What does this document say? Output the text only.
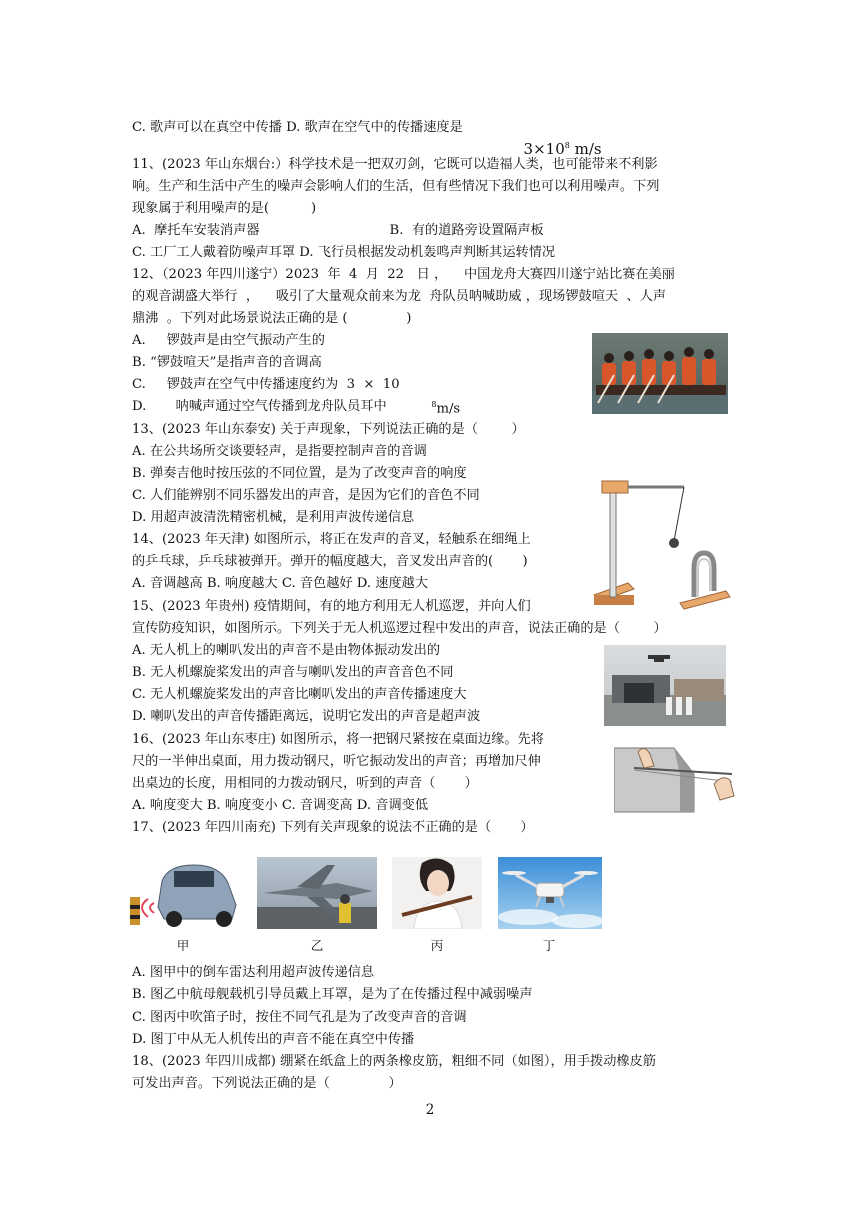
C. 歌声可以在真空中传播 D. 歌声在空气中的传播速度是
11、(2023 年山东烟台:）科学技术是一把双刃剑，它既可以造福人类，也可能带来不利影
响。生产和生活中产生的噪声会影响人们的生活，但有些情况下我们也可以利用噪声。下列
现象属于利用噪声的是(          )
A.  摩托车安装消声器                               B.  有的道路旁设置隔声板
C. 工厂工人戴着防噪声耳罩 D. 飞行员根据发动机轰鸣声判断其运转情况
12、（2023 年四川遂宁）2023  年  4  月  22   日 ，    中国龙舟大赛四川遂宁站比赛在美丽
的观音湖盛大举行  ，    吸引了大量观众前来为龙  舟队员呐喊助威 ，现场锣鼓喧天  、人声
鼎沸  。下列对此场景说法正确的是 (              )
A.     锣鼓声是由空气振动产生的
B. “锣鼓喧天”是指声音的音调高
C.     锣鼓声在空气中传播速度约为  3  ×  10
D.       呐喊声通过空气传播到龙舟队员耳中
13、(2023 年山东泰安) 关于声现象，下列说法正确的是（        ）
A. 在公共场所交谈要轻声，是指要控制声音的音调
B. 弹奏吉他时按压弦的不同位置，是为了改变声音的响度
C. 人们能辨别不同乐器发出的声音，是因为它们的音色不同
D. 用超声波清洗精密机械，是利用声波传递信息
14、(2023 年天津) 如图所示，将正在发声的音叉，轻触系在细绳上
的乒乓球，乒乓球被弹开。弹开的幅度越大，音叉发出声音的(       )
A. 音调越高 B. 响度越大 C. 音色越好 D. 速度越大
15、(2023 年贵州) 疫情期间，有的地方利用无人机巡逻，并向人们
宣传防疫知识，如图所示。下列关于无人机巡逻过程中发出的声音，说法正确的是（        ）
A. 无人机上的喇叭发出的声音不是由物体振动发出的
B. 无人机螺旋桨发出的声音与喇叭发出的声音音色不同
C. 无人机螺旋桨发出的声音比喇叭发出的声音传播速度大
D. 喇叭发出的声音传播距离远，说明它发出的声音是超声波
16、(2023 年山东枣庄) 如图所示，将一把钢尺紧按在桌面边缘。先将
尺的一半伸出桌面，用力拨动钢尺，听它振动发出的声音；再增加尺伸
出桌边的长度，用相同的力拨动钢尺，听到的声音（       ）
A. 响度变大 B. 响度变小 C. 音调变高 D. 音调变低
17、(2023 年四川南充) 下列有关声现象的说法不正确的是（       ）
A. 图甲中的倒车雷达利用超声波传递信息
B. 图乙中航母舰载机引导员戴上耳罩，是为了在传播过程中减弱噪声
C. 图丙中吹笛子时，按住不同气孔是为了改变声音的音调
D. 图丁中从无人机传出的声音不能在真空中传播
18、(2023 年四川成都) 绷紧在纸盒上的两条橡皮筋，粗细不同（如图），用手拨动橡皮筋
可发出声音。下列说法正确的是（              ）

$3\times 10^8$ m/s

$^8$m/s

甲	乙	丙	丁
2
